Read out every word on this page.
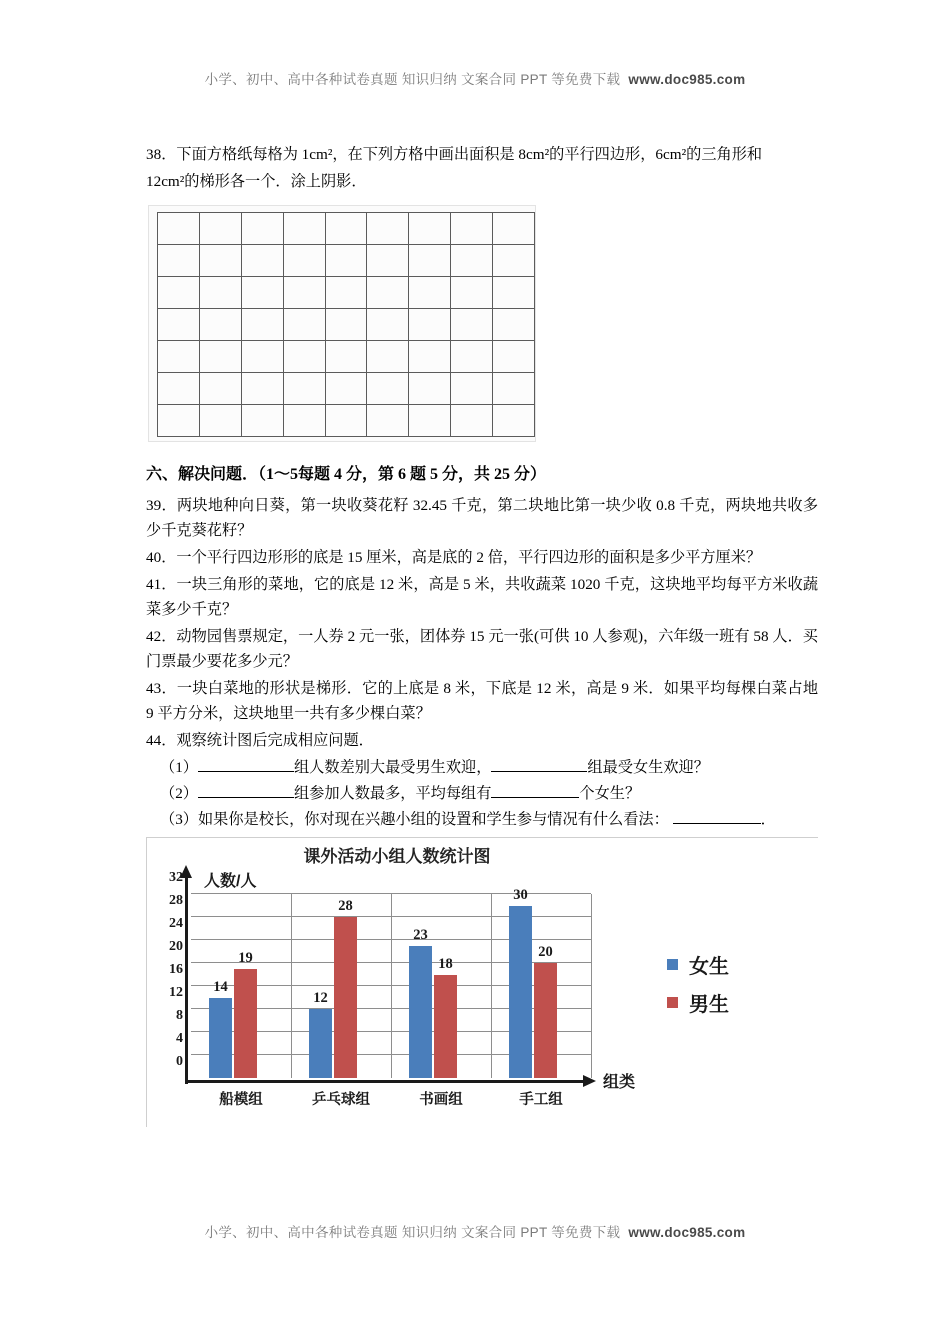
小学、初中、高中各种试卷真题 知识归纳 文案合同 PPT 等免费下载 www.doc985.com
38．下面方格纸每格为 1cm²，在下列方格中画出面积是 8cm²的平行四边形，6cm²的三角形和
12cm²的梯形各一个．涂上阴影．

六、解决问题．（1～5每题 4 分，第 6 题 5 分，共 25 分）
39．两块地种向日葵，第一块收葵花籽 32.45 千克，第二块地比第一块少收 0.8 千克，两块地共收多少千克葵花籽？
40．一个平行四边形形的底是 15 厘米，高是底的 2 倍，平行四边形的面积是多少平方厘米？
41．一块三角形的菜地，它的底是 12 米，高是 5 米，共收蔬菜 1020 千克，这块地平均每平方米收蔬菜多少千克？
42．动物园售票规定，一人券 2 元一张，团体券 15 元一张(可供 10 人参观)，六年级一班有 58 人．买门票最少要花多少元？
43．一块白菜地的形状是梯形．它的上底是 8 米，下底是 12 米，高是 9 米．如果平均每棵白菜占地 9 平方分米，这块地里一共有多少棵白菜？
44．观察统计图后完成相应问题．
（1）	组人数差别大最受男生欢迎，	组最受女生欢迎？
（2）	组参加人数最多，平均每组有	个女生？
（3）如果你是校长，你对现在兴趣小组的设置和学生参与情况有什么看法：	．
课外活动小组人数统计图
人数/人
组类
32
28
24
20
16
12
8
4
0
14
12
23
30
19
28
18
20
女生
男生
船模组	乒乓球组	书画组	手工组
小学、初中、高中各种试卷真题 知识归纳 文案合同 PPT 等免费下载 www.doc985.com
